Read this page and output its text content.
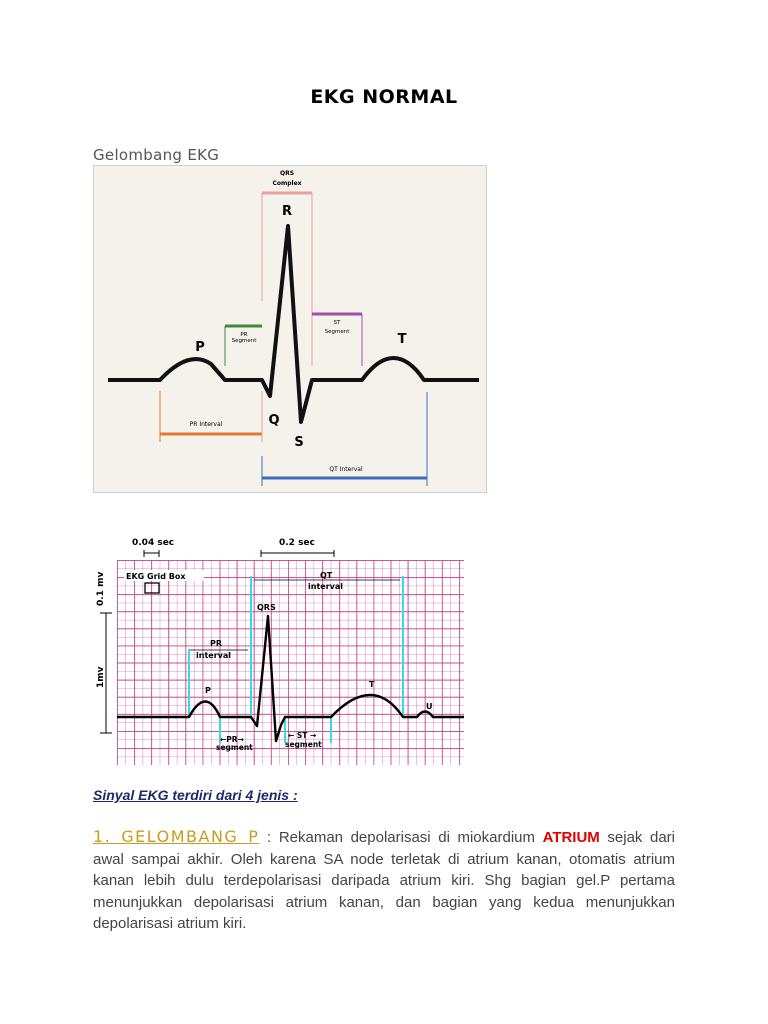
EKG NORMAL
Gelombang EKG
QRS
Complex
PR
Segment
ST
Segment
R
P
Q
S
T
PR Interval
QT Interval
0.04 sec	0.2 sec
0.1 mv
1mv
EKG Grid Box	QT
interval
QRS
PR
interval
P
T
U
←PR→
segment
← ST →
segment
Sinyal EKG terdiri dari 4 jenis :
1. GELOMBANG P : Rekaman depolarisasi di miokardium ATRIUM sejak dari awal sampai akhir. Oleh karena SA node terletak di atrium kanan, otomatis atrium kanan lebih dulu terdepolarisasi daripada atrium kiri. Shg bagian gel.P pertama menunjukkan depolarisasi atrium kanan, dan bagian yang kedua menunjukkan depolarisasi atrium kiri.
